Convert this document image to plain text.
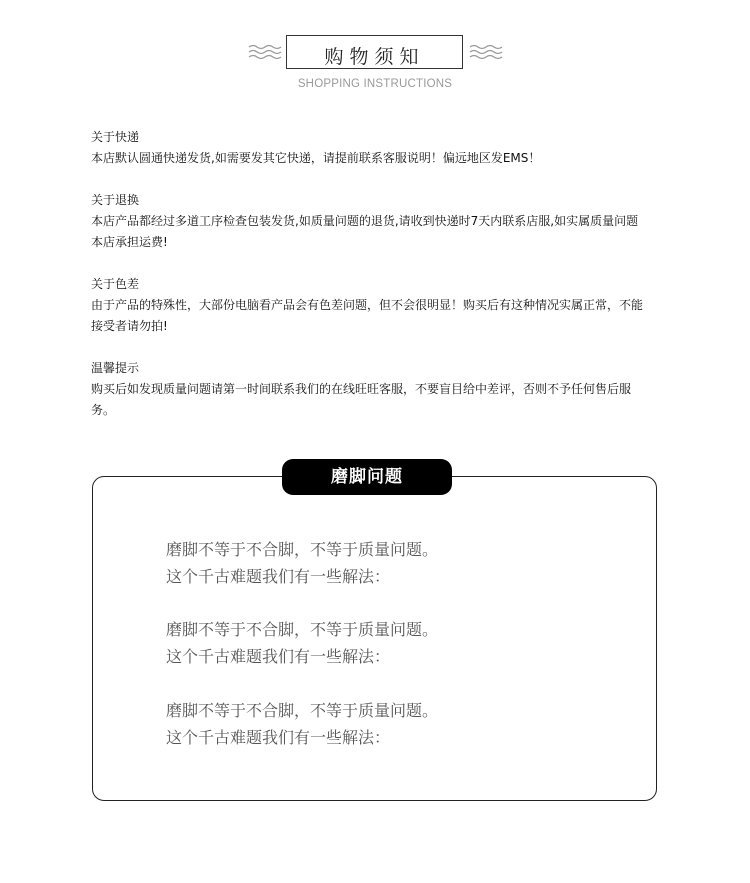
购物须知
SHOPPING INSTRUCTIONS
关于快递
本店默认圆通快递发货,如需要发其它快递，请提前联系客服说明！偏远地区发EMS！
关于退换
本店产品都经过多道工序检查包装发货,如质量问题的退货,请收到快递时7天内联系店服,如实属质量问题
本店承担运费!
关于色差
由于产品的特殊性，大部份电脑看产品会有色差问题，但不会很明显！购买后有这种情况实属正常，不能
接受者请勿拍!
温馨提示
购买后如发现质量问题请第一时间联系我们的在线旺旺客服，不要盲目给中差评，否则不予任何售后服
务。
磨脚问题
磨脚不等于不合脚，不等于质量问题。
这个千古难题我们有一些解法：
磨脚不等于不合脚，不等于质量问题。
这个千古难题我们有一些解法：
磨脚不等于不合脚，不等于质量问题。
这个千古难题我们有一些解法：
